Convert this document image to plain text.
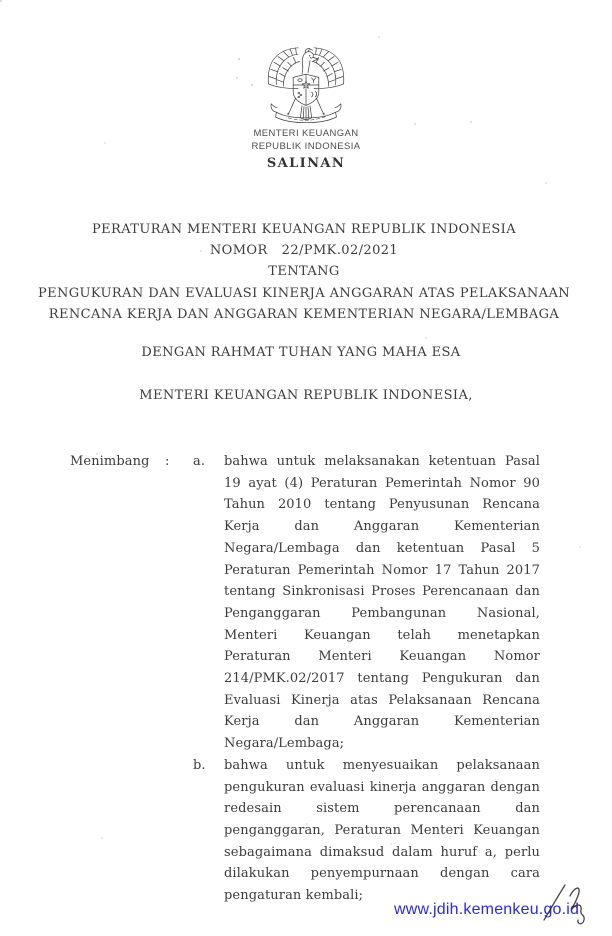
MENTERI KEUANGAN
REPUBLIK INDONESIA
SALINAN
PERATURAN MENTERI KEUANGAN REPUBLIK INDONESIA
NOMOR 22/PMK.02/2021
TENTANG
PENGUKURAN DAN EVALUASI KINERJA ANGGARAN ATAS PELAKSANAAN
RENCANA KERJA DAN ANGGARAN KEMENTERIAN NEGARA/LEMBAGA
DENGAN RAHMAT TUHAN YANG MAHA ESA
MENTERI KEUANGAN REPUBLIK INDONESIA,
Menimbang	:	a.	bahwa untuk melaksanakan ketentuan Pasal 19 ayat (4) Peraturan Pemerintah Nomor 90 Tahun 2010 tentang Penyusunan Rencana Kerja dan Anggaran Kementerian Negara/Lembaga dan ketentuan Pasal 5 Peraturan Pemerintah Nomor 17 Tahun 2017 tentang Sinkronisasi Proses Perencanaan dan Penganggaran Pembangunan Nasional, Menteri Keuangan telah menetapkan Peraturan Menteri Keuangan Nomor 214/PMK.02/2017 tentang Pengukuran dan Evaluasi Kinerja atas Pelaksanaan Rencana Kerja dan Anggaran Kementerian Negara/Lembaga;
b.	bahwa untuk menyesuaikan pelaksanaan pengukuran evaluasi kinerja anggaran dengan redesain sistem perencanaan dan penganggaran, Peraturan Menteri Keuangan sebagaimana dimaksud dalam huruf a, perlu dilakukan penyempurnaan dengan cara pengaturan kembali;
www.jdih.kemenkeu.go.id
